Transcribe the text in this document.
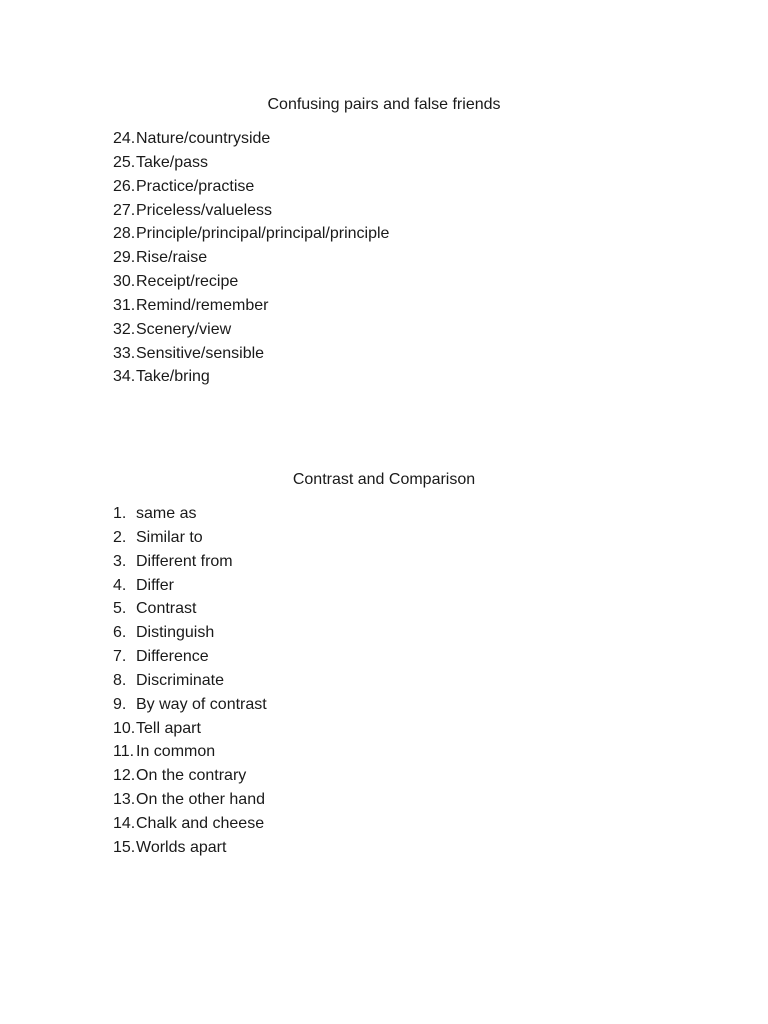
Confusing pairs and false friends
24. Nature/countryside
25. Take/pass
26. Practice/practise
27. Priceless/valueless
28. Principle/principal/principal/principle
29. Rise/raise
30. Receipt/recipe
31. Remind/remember
32. Scenery/view
33. Sensitive/sensible
34. Take/bring
Contrast and Comparison
1. same as
2. Similar to
3. Different from
4. Differ
5. Contrast
6. Distinguish
7. Difference
8. Discriminate
9. By way of contrast
10. Tell apart
11. In common
12. On the contrary
13. On the other hand
14. Chalk and cheese
15. Worlds apart
